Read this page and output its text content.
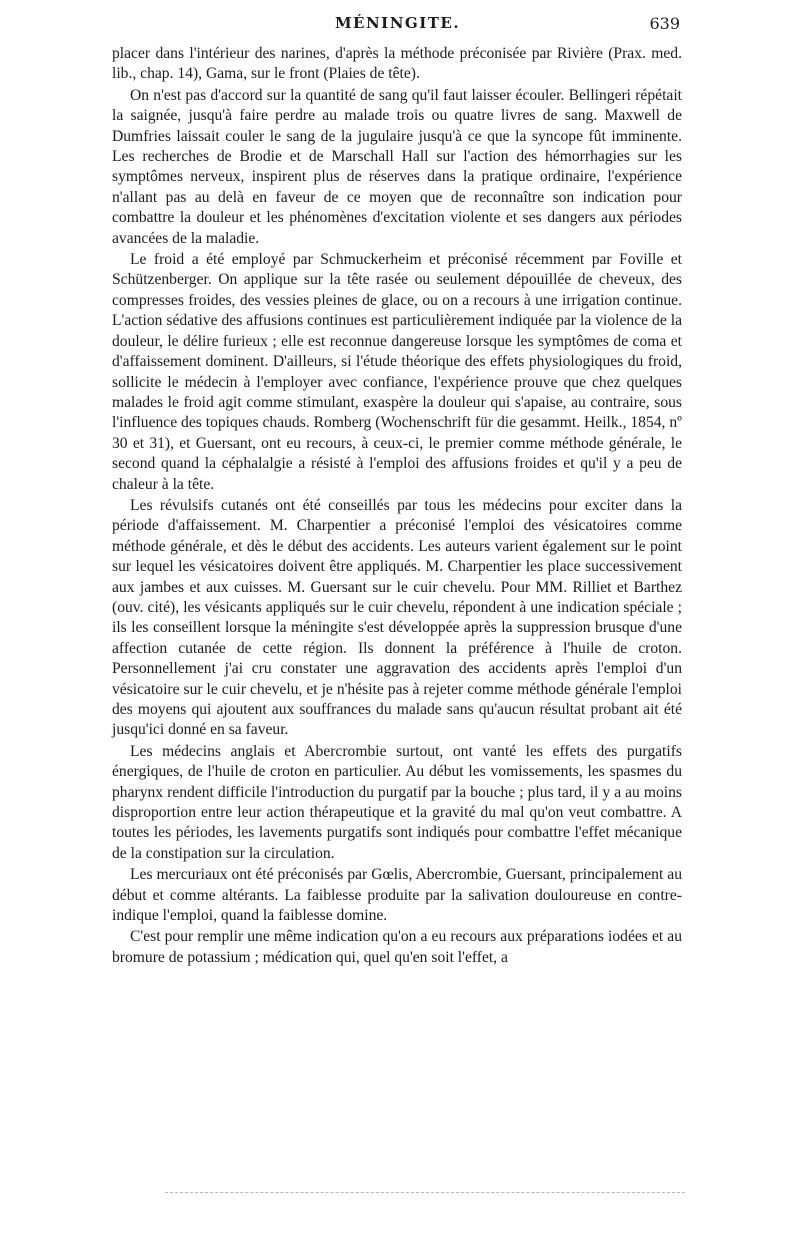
MÉNINGITE.	639

placer dans l'intérieur des narines, d'après la méthode préconisée par Rivière (Prax. med. lib., chap. 14), Gama, sur le front (Plaies de tête).

On n'est pas d'accord sur la quantité de sang qu'il faut laisser écouler. Bellingeri répétait la saignée, jusqu'à faire perdre au malade trois ou quatre livres de sang. Maxwell de Dumfries laissait couler le sang de la jugulaire jusqu'à ce que la syncope fût imminente. Les recherches de Brodie et de Marschall Hall sur l'action des hémorrhagies sur les symptômes nerveux, inspirent plus de réserves dans la pratique ordinaire, l'expérience n'allant pas au delà en faveur de ce moyen que de reconnaître son indication pour combattre la douleur et les phénomènes d'excitation violente et ses dangers aux périodes avancées de la maladie.

Le froid a été employé par Schmuckerheim et préconisé récemment par Foville et Schützenberger. On applique sur la tête rasée ou seulement dépouillée de cheveux, des compresses froides, des vessies pleines de glace, ou on a recours à une irrigation continue. L'action sédative des affusions continues est particulièrement indiquée par la violence de la douleur, le délire furieux ; elle est reconnue dangereuse lorsque les symptômes de coma et d'affaissement dominent. D'ailleurs, si l'étude théorique des effets physiologiques du froid, sollicite le médecin à l'employer avec confiance, l'expérience prouve que chez quelques malades le froid agit comme stimulant, exaspère la douleur qui s'apaise, au contraire, sous l'influence des topiques chauds. Romberg (Wochenschrift für die gesammt. Heilk., 1854, nº 30 et 31), et Guersant, ont eu recours, à ceux-ci, le premier comme méthode générale, le second quand la céphalalgie a résisté à l'emploi des affusions froides et qu'il y a peu de chaleur à la tête.

Les révulsifs cutanés ont été conseillés par tous les médecins pour exciter dans la période d'affaissement. M. Charpentier a préconisé l'emploi des vésicatoires comme méthode générale, et dès le début des accidents. Les auteurs varient également sur le point sur lequel les vésicatoires doivent être appliqués. M. Charpentier les place successivement aux jambes et aux cuisses. M. Guersant sur le cuir chevelu. Pour MM. Rilliet et Barthez (ouv. cité), les vésicants appliqués sur le cuir chevelu, répondent à une indication spéciale ; ils les conseillent lorsque la méningite s'est développée après la suppression brusque d'une affection cutanée de cette région. Ils donnent la préférence à l'huile de croton. Personnellement j'ai cru constater une aggravation des accidents après l'emploi d'un vésicatoire sur le cuir chevelu, et je n'hésite pas à rejeter comme méthode générale l'emploi des moyens qui ajoutent aux souffrances du malade sans qu'aucun résultat probant ait été jusqu'ici donné en sa faveur.

Les médecins anglais et Abercrombie surtout, ont vanté les effets des purgatifs énergiques, de l'huile de croton en particulier. Au début les vomissements, les spasmes du pharynx rendent difficile l'introduction du purgatif par la bouche ; plus tard, il y a au moins disproportion entre leur action thérapeutique et la gravité du mal qu'on veut combattre. A toutes les périodes, les lavements purgatifs sont indiqués pour combattre l'effet mécanique de la constipation sur la circulation.

Les mercuriaux ont été préconisés par Gœlis, Abercrombie, Guersant, principalement au début et comme altérants. La faiblesse produite par la salivation douloureuse en contre-indique l'emploi, quand la faiblesse domine.

C'est pour remplir une même indication qu'on a eu recours aux préparations iodées et au bromure de potassium ; médication qui, quel qu'en soit l'effet, a
